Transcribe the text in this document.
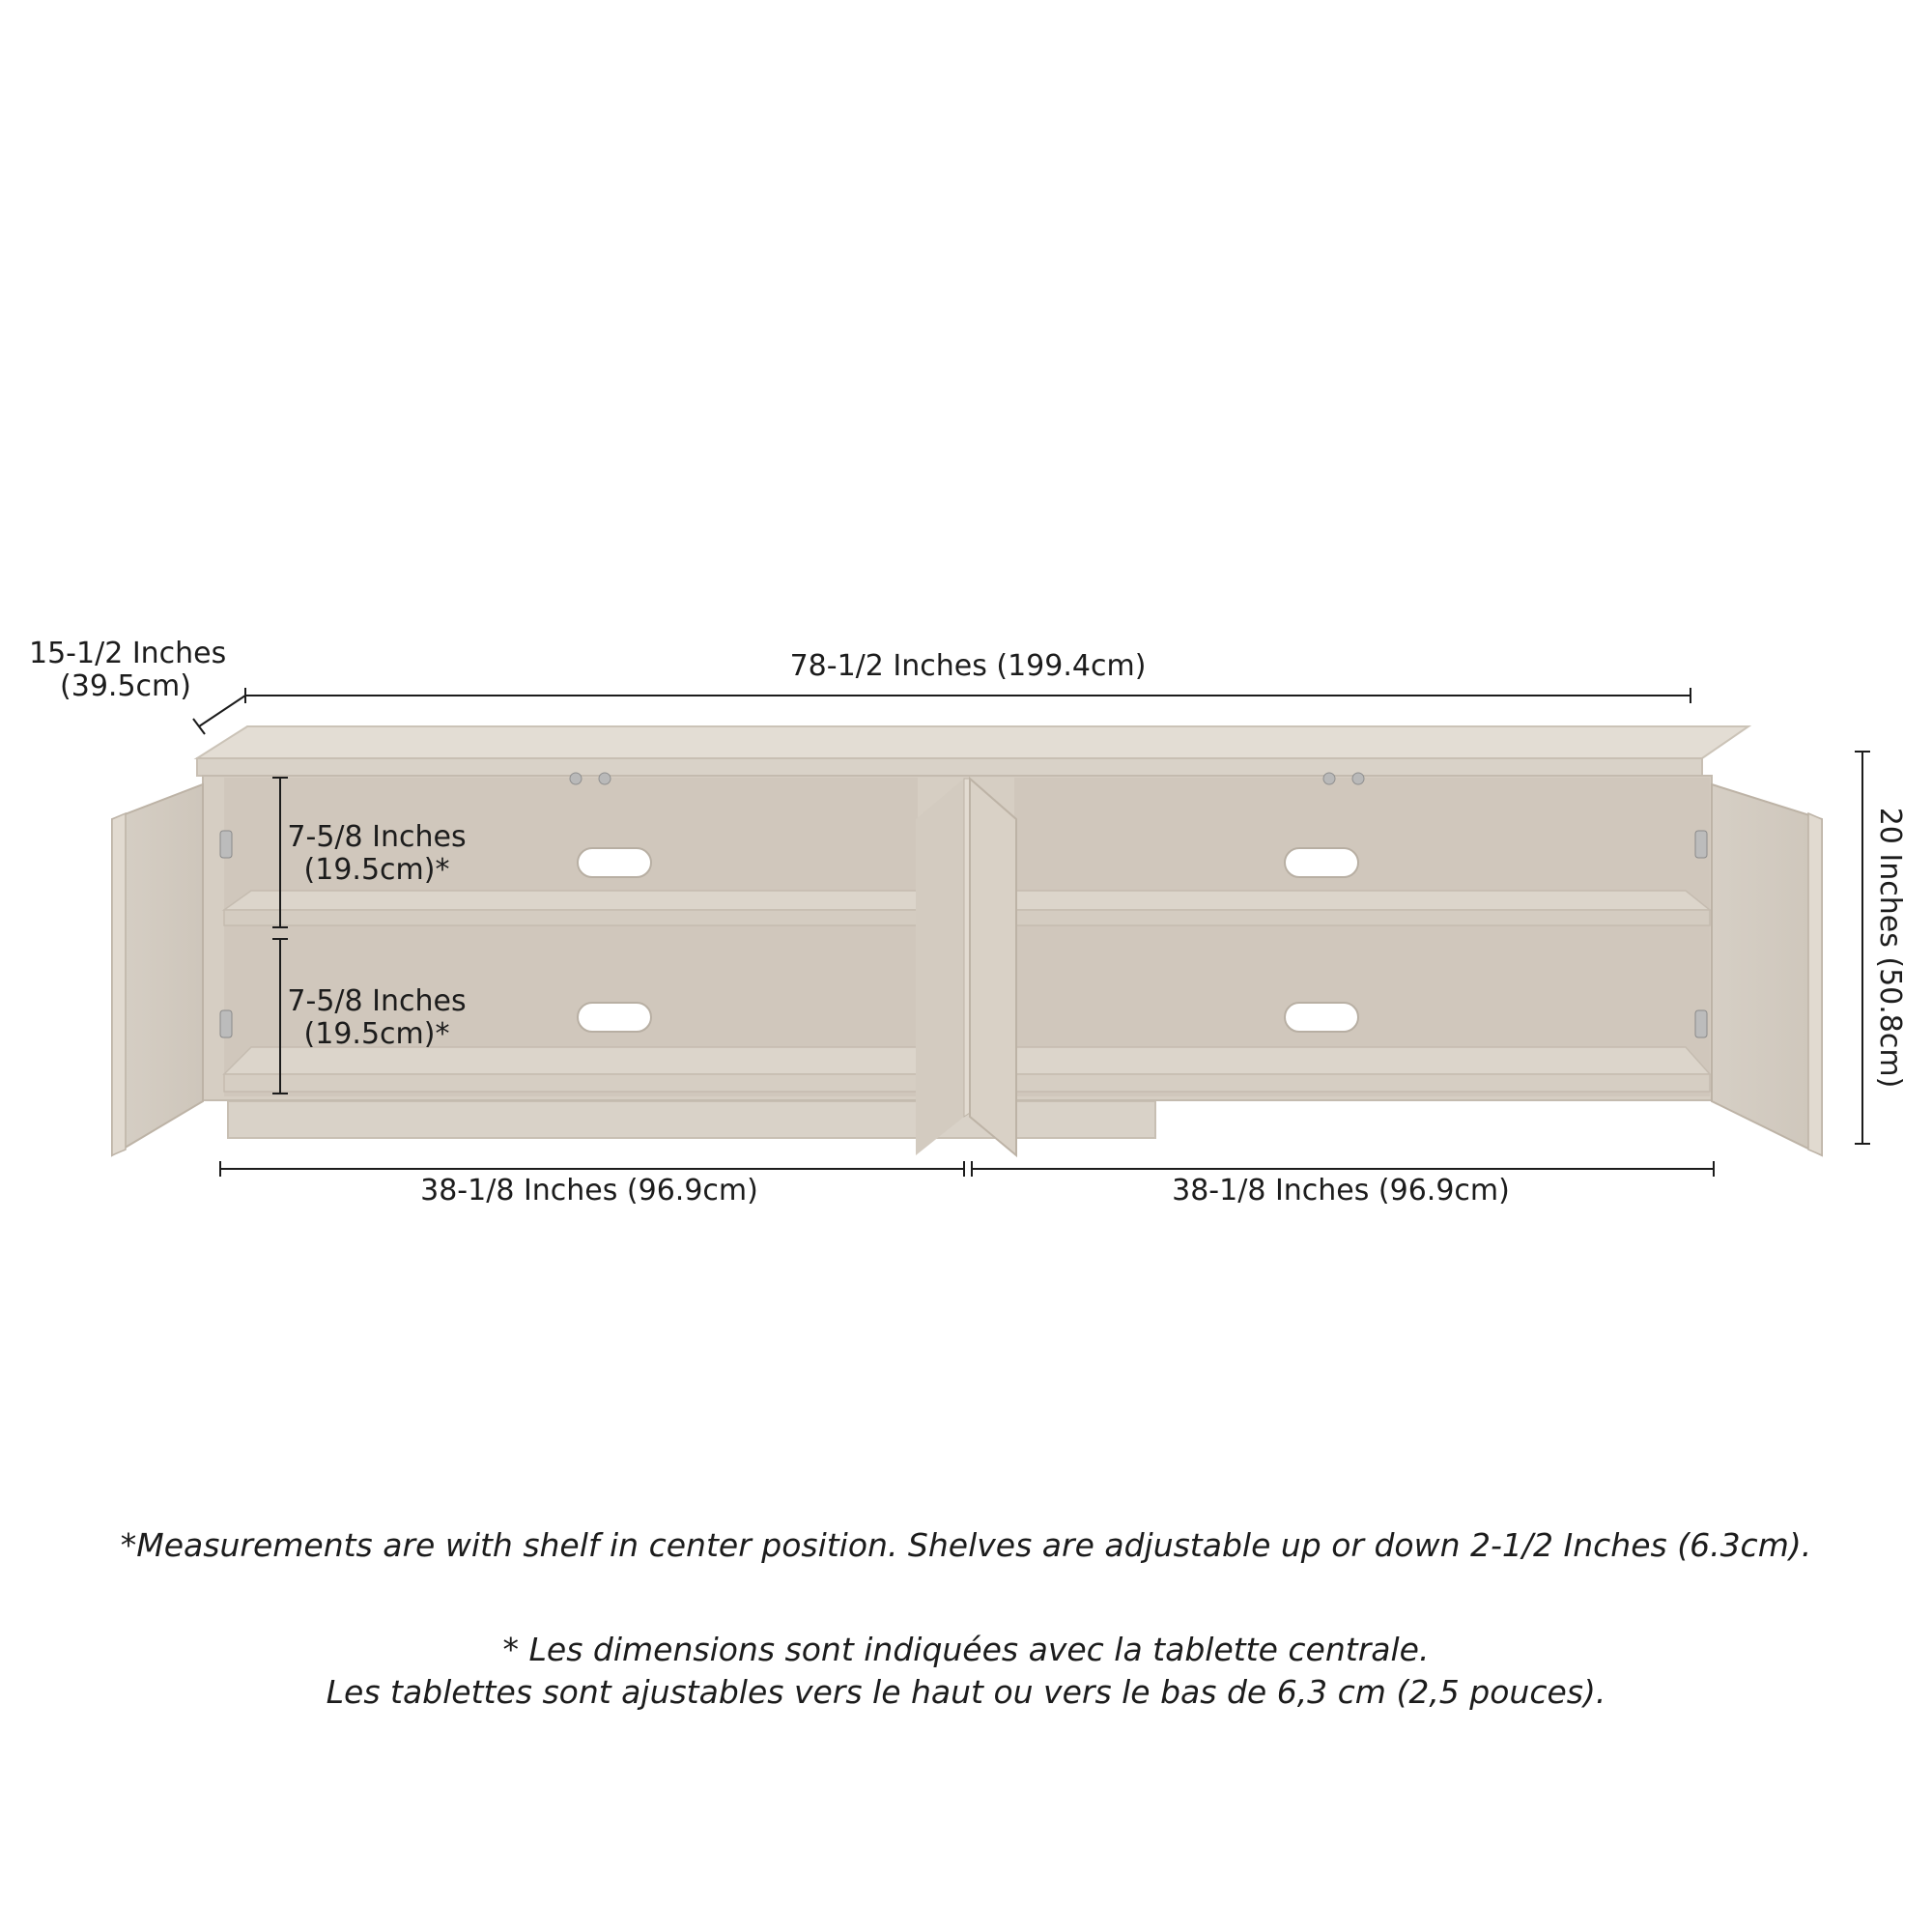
15-1/2 Inches
(39.5cm)
78-1/2 Inches (199.4cm)
20 Inches (50.8cm)
7-5/8 Inches
(19.5cm)*
7-5/8 Inches
(19.5cm)*
38-1/8 Inches (96.9cm)	38-1/8 Inches (96.9cm)
*Measurements are with shelf in center position. Shelves are adjustable up or down 2-1/2 Inches (6.3cm).
* Les dimensions sont indiquées avec la tablette centrale.
Les tablettes sont ajustables vers le haut ou vers le bas de 6,3 cm (2,5 pouces).
